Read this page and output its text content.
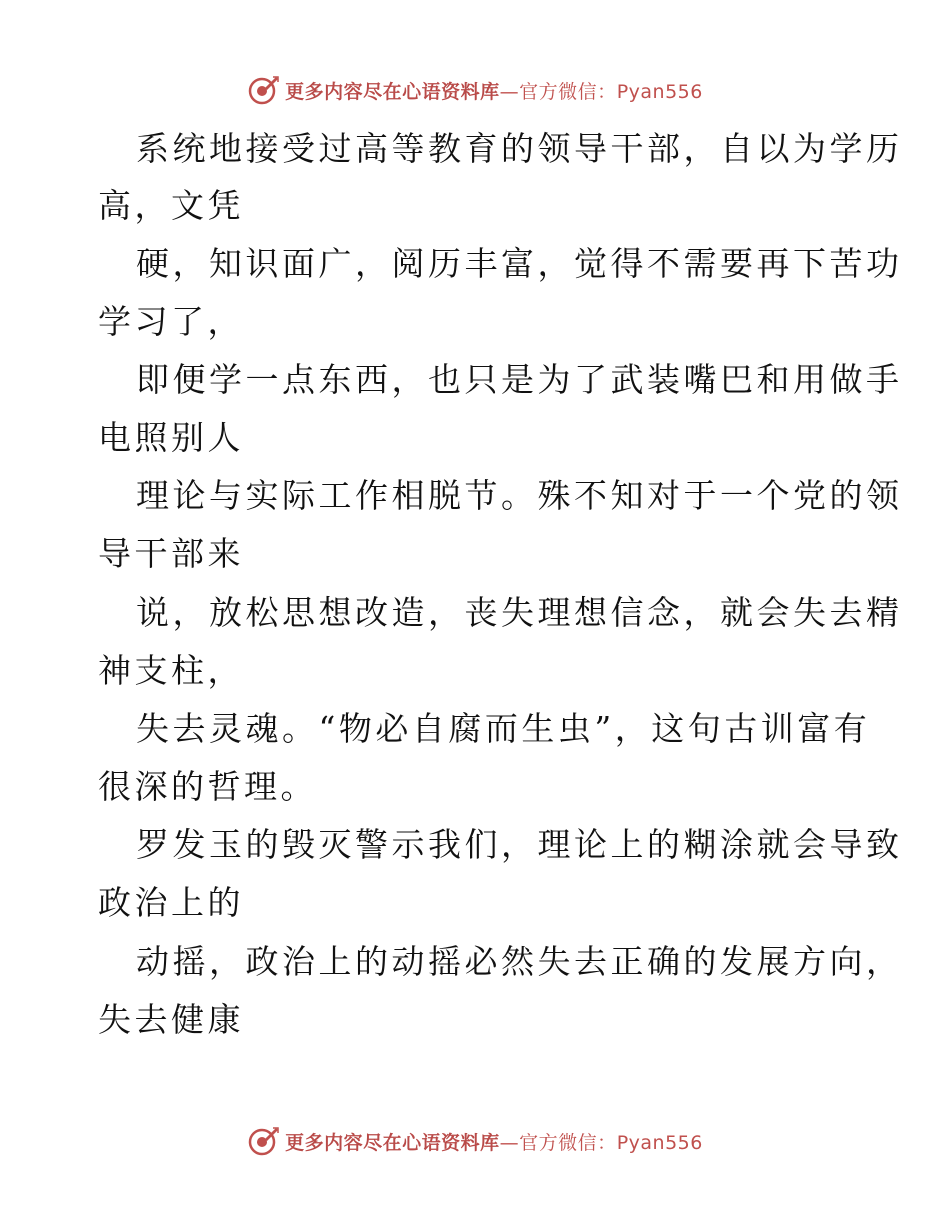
更多内容尽在心语资料库—官方微信：Pyan556
系统地接受过高等教育的领导干部，自以为学历
高，文凭
硬，知识面广，阅历丰富，觉得不需要再下苦功
学习了，
即便学一点东西，也只是为了武装嘴巴和用做手
电照别人
理论与实际工作相脱节。殊不知对于一个党的领
导干部来
说，放松思想改造，丧失理想信念，就会失去精
神支柱，
失去灵魂。“物必自腐而生虫”，这句古训富有
很深的哲理。
罗发玉的毁灭警示我们，理论上的糊涂就会导致
政治上的
动摇，政治上的动摇必然失去正确的发展方向，
失去健康
更多内容尽在心语资料库—官方微信：Pyan556
